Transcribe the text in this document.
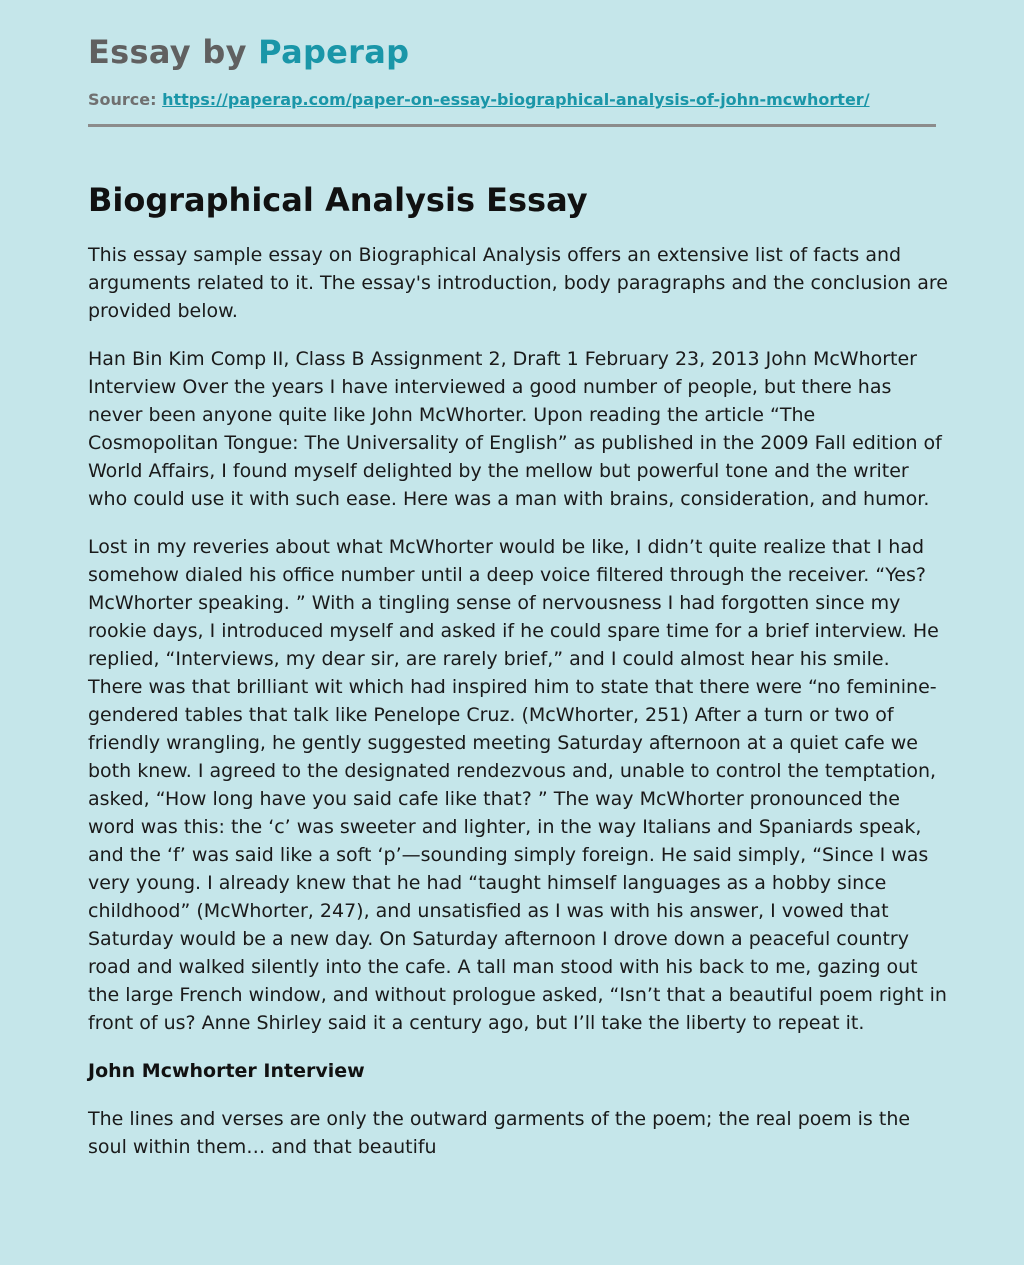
Essay by Paperap
Source: https://paperap.com/paper-on-essay-biographical-analysis-of-john-mcwhorter/
Biographical Analysis Essay

This essay sample essay on Biographical Analysis offers an extensive list of facts and arguments related to it. The essay's introduction, body paragraphs and the conclusion are provided below.

Han Bin Kim Comp II, Class B Assignment 2, Draft 1 February 23, 2013 John McWhorter Interview Over the years I have interviewed a good number of people, but there has never been anyone quite like John McWhorter. Upon reading the article “The Cosmopolitan Tongue: The Universality of English” as published in the 2009 Fall edition of World Affairs, I found myself delighted by the mellow but powerful tone and the writer who could use it with such ease. Here was a man with brains, consideration, and humor.

Lost in my reveries about what McWhorter would be like, I didn’t quite realize that I had somehow dialed his office number until a deep voice filtered through the receiver. “Yes? McWhorter speaking. ” With a tingling sense of nervousness I had forgotten since my rookie days, I introduced myself and asked if he could spare time for a brief interview. He replied, “Interviews, my dear sir, are rarely brief,” and I could almost hear his smile. There was that brilliant wit which had inspired him to state that there were “no feminine-gendered tables that talk like Penelope Cruz. (McWhorter, 251) After a turn or two of friendly wrangling, he gently suggested meeting Saturday afternoon at a quiet cafe we both knew. I agreed to the designated rendezvous and, unable to control the temptation, asked, “How long have you said cafe like that? ” The way McWhorter pronounced the word was this: the ‘c’ was sweeter and lighter, in the way Italians and Spaniards speak, and the ‘f’ was said like a soft ‘p’—sounding simply foreign. He said simply, “Since I was very young. I already knew that he had “taught himself languages as a hobby since childhood” (McWhorter, 247), and unsatisfied as I was with his answer, I vowed that Saturday would be a new day. On Saturday afternoon I drove down a peaceful country road and walked silently into the cafe. A tall man stood with his back to me, gazing out the large French window, and without prologue asked, “Isn’t that a beautiful poem right in front of us? Anne Shirley said it a century ago, but I’ll take the liberty to repeat it.

John Mcwhorter Interview

The lines and verses are only the outward garments of the poem; the real poem is the soul within them… and that beautifu
